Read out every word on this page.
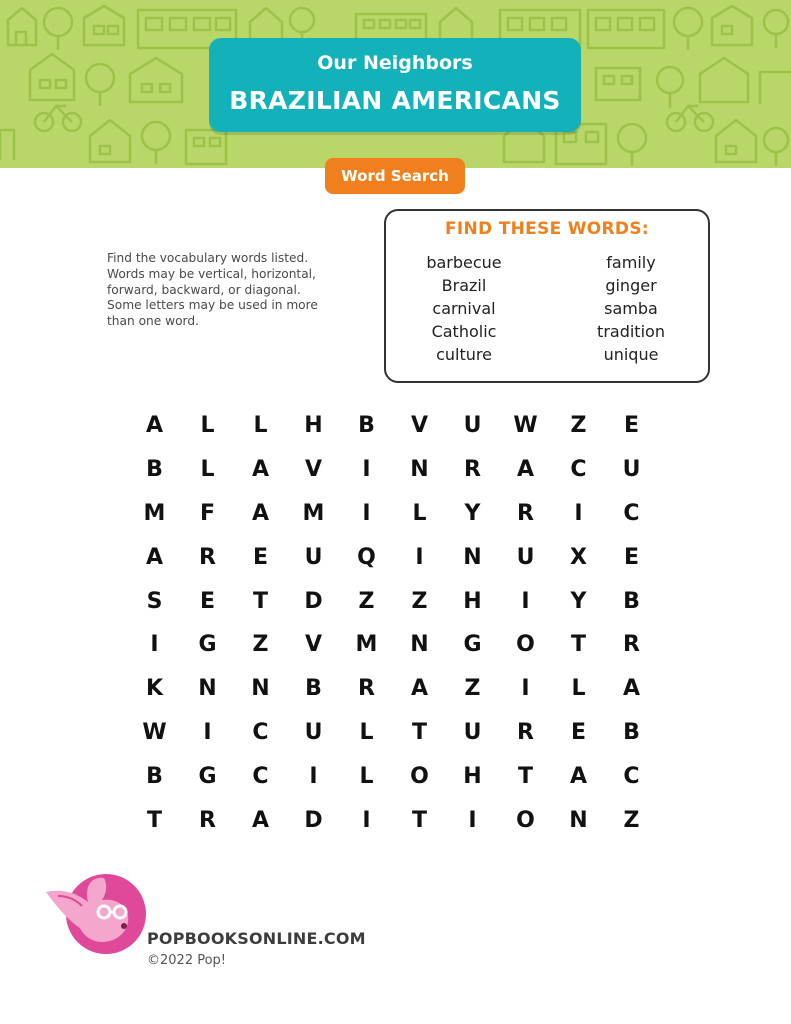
Our Neighbors
BRAZILIAN AMERICANS
Word Search
Find the vocabulary words listed. Words may be vertical, horizontal, forward, backward, or diagonal. Some letters may be used in more than one word.
FIND THESE WORDS:
barbecue
Brazil
carnival
Catholic
culture
family
ginger
samba
tradition
unique
A	L	L	H	B	V	U	W	Z	E
B	L	A	V	I	N	R	A	C	U
M	F	A	M	I	L	Y	R	I	C
A	R	E	U	Q	I	N	U	X	E
S	E	T	D	Z	Z	H	I	Y	B
I	G	Z	V	M	N	G	O	T	R
K	N	N	B	R	A	Z	I	L	A
W	I	C	U	L	T	U	R	E	B
B	G	C	I	L	O	H	T	A	C
T	R	A	D	I	T	I	O	N	Z
POPBOOKSONLINE.COM
©2022 Pop!
